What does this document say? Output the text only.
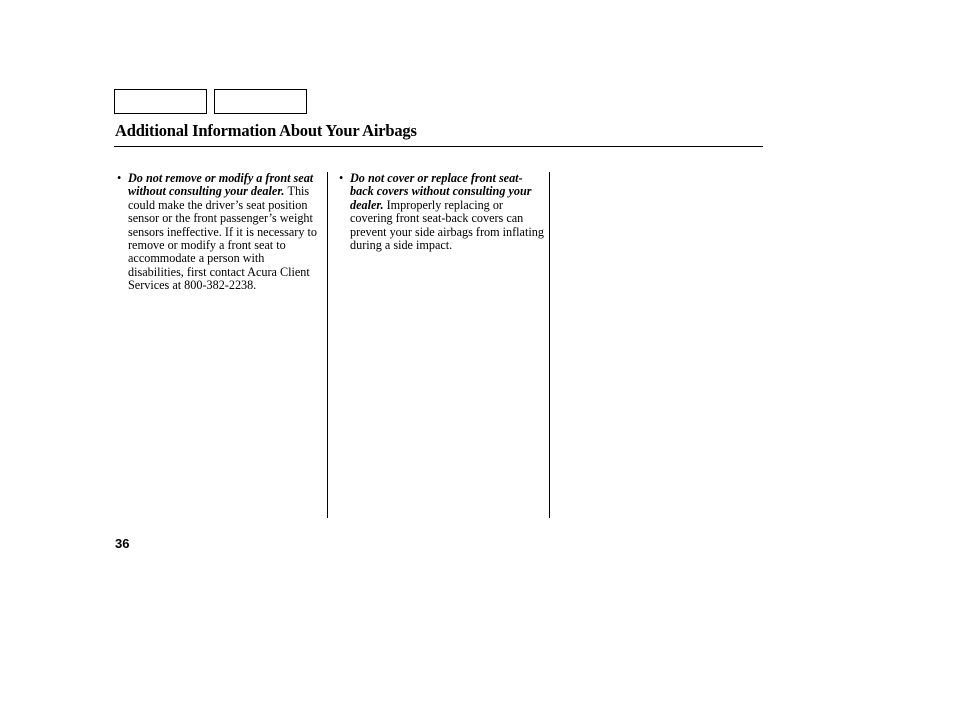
Additional Information About Your Airbags
• Do not remove or modify a front seat without consulting your dealer. This could make the driver’s seat position sensor or the front passenger’s weight sensors ineffective. If it is necessary to remove or modify a front seat to accommodate a person with disabilities, first contact Acura Client Services at 800-382-2238.
• Do not cover or replace front seat-back covers without consulting your dealer. Improperly replacing or covering front seat-back covers can prevent your side airbags from inflating during a side impact.
36
